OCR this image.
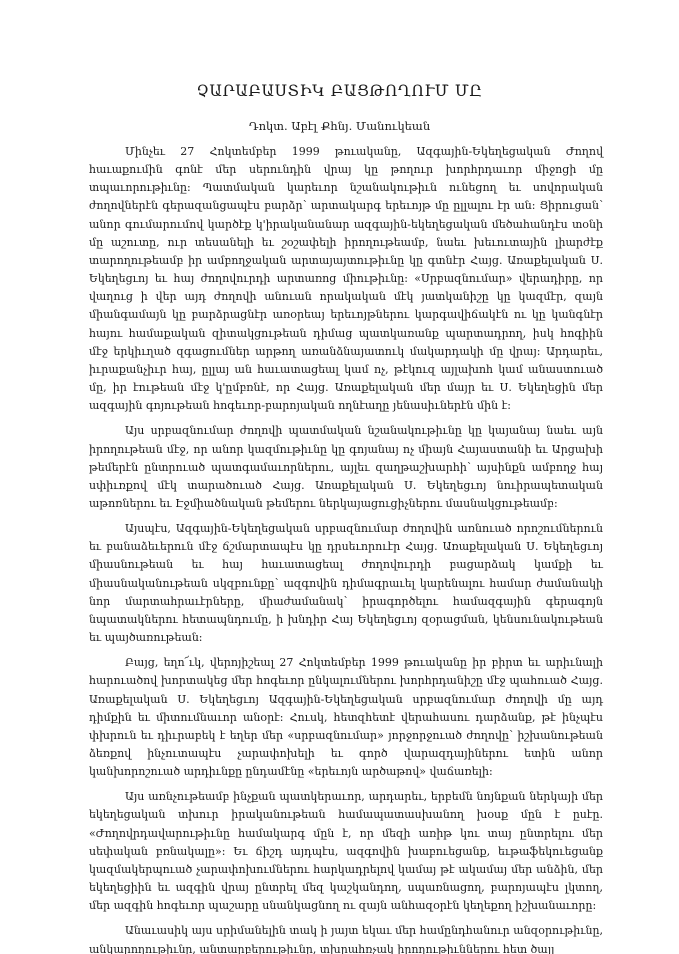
ՉԱՐԱԲԱՍՏԻԿ ԲԱՑԹՈՂՈՒՄ ՄԸ
Դոկտ. Աբէլ Քհնյ. Մանուկեան

Մինչեւ 27 Հոկտեմբեր 1999 թուականը, Ազգային-Եկեղեցական Ժողով հաւաքումին գոնէ մեր սերունդին վրայ կը թողուր խորհրդաւոր միջոցի մը տպաւորութիւնը: Պատմական կարեւոր նշանակութիւն ունեցող եւ սովորական ժողովներէն գերազանցապէս բարձր՝ արտակարգ երեւոյթ մը ըլլալու էր ան: Ցիրուցան՝ անոր գումարումով կարծէք կ'իրականանար ազգային-եկեղեցական մեծահանդէս տօնի մը աշուտը, ուր տեսանելի եւ շօշափելի իրողութեամբ, նաեւ խեւուտային լիարժէք տարողութեամբ իր ամբողջական արտայայտութիւնը կը գտնէր Հայց. Առաքելական Ս. Եկեղեցւոյ եւ հայ ժողովուրդի արտառոց միութիւնը: «Սրբազնումար» վերադիրը, որ վաղուց ի վեր այդ ժողովի անուան որակական մէկ յատկանիշը կը կազմէր, զայն միանգամայն կը բարձրացնէր առօրեայ երեւոյթներու կարգավիճակէն ու կը կանգնէր հայու համաքական զիտակցութեան դիմաց պատկառանք պարտադրող, իսկ հոգիին մէջ երկիւղած զգացումներ արթող առանձնայատուկ մակարդակի մը վրայ: Արդարեւ, իւրաքանչիւր հայ, ըլլայ ան հաւատացեալ կամ ոչ, թէկուզ այլախոհ կամ անաստուած մը, իր էութեան մէջ կ'ըմբռնէ, որ Հայց. Առաքելական մեր մայր եւ Ս. Եկեղեցին մեր ազգային գոյութեան հոգեւոր-բարոյական ողնէաղը յենասիւներէն մին է:

Այս սրբազնումար ժողովի պատմական նշանակութիւնը կը կայանայ նաեւ այն իրողութեան մէջ, որ անոր կազմութիւնը կը գոյանայ ոչ միայն Հայաստանի եւ Արցախի թեմերէն ընտրուած պատգամաւորներու, այլեւ զաղթաշխարհի՝ այսինքն ամբողջ հայ սփիւռքով մէկ տարածուած Հայց. Առաքելական Ս. Եկեղեցւոյ նուիրապետական աթոռներու եւ Էջմիածնական թեմերու ներկայացուցիչներու մասնակցութեամբ:

Այսպէս, Ազգային-Եկեղեցական սրբազնումար ժողովին առնուած որոշումներուն եւ բանաձեւերուն մէջ ճշմարտապէս կը դրսեւորուէր Հայց. Առաքելական Ս. Եկեղեցւոյ միասնութեան եւ հայ հաւատացեալ ժողովուրդի բացարձակ կամքի եւ միասնականութեան սկզբունքը՝ ազգովին դիմագրաւել կարենալու համար ժամանակի նոր մարտահրաւէրները, միաժամանակ՝ իրագործելու համազգային գերագոյն նպատակներու հետապնդումը, ի խնդիր Հայ Եկեղեցւոյ զօրացման, կենսունակութեան եւ պայծառութեան:

Բայց, եղո՜ւկ, վերոյիշեալ 27 Հոկտեմբեր 1999 թուականը իր բիրտ եւ արիւնալի հարուածով խորտակեց մեր հոգեւոր ընկալումներու խորհրդանիշը մէջ պահուած Հայց. Առաքելական Ս. Եկեղեցւոյ Ազգային-Եկեղեցական սրբազնումար ժողովի մը այդ դիմքին եւ միտումնաւոր անօրէ: Հուսկ, հետզհետէ վերահասու դարձանք, թէ ինչպէս փխրուն եւ դիւրաբեկ է եղեր մեր «սրբազնումար» յորջորջուած ժողովը՝ իշխանութեան ձեռքով ինչուտապէս չարափոխելի եւ գործ վարազդայիներու ետին անոր կանխորոշուած արդիւնքը ընդամէնը «երեւոյն արծաթով» վաճառելի:

Այս առնչութեամբ ինչքան պատկերաւոր, արդարեւ, երբեմն նոյնքան ներկայի մեր եկեղեցական տխուր իրականութեան համապատասխանող խօսք մըն է ըսէը. «Ժողովրդավարութիւնը համակարգ մըն է, որ մեզի առիթ կու տայ ընտրելու մեր սեփական բռնակալը»: Եւ ճիշդ այդպէս, ազգովին խաբուեցանք, եւթաֆեկուեցանք կազմակերպուած չարափոխումներու հարկադրելով կամայ թէ ակամայ մեր անձին, մեր եկեղեցիին եւ ազգին վրայ ընտրել մեզ կաշկանդող, սպառնացող, բարոյապէս լկտող, մեր ազգին հոգեւոր պաշարը սնանկացնող ու զայն անհազօրէն կեղեքող իշխանաւորը:

Անաւասիկ այս սրիմանելին տակ ի յայտ եկաւ մեր համընդհանուր անզօրութիւնը, անկարողութիւնը, անտարբերութիւնը, տխրահռչակ իրողութիւններու հետ ծայլ
